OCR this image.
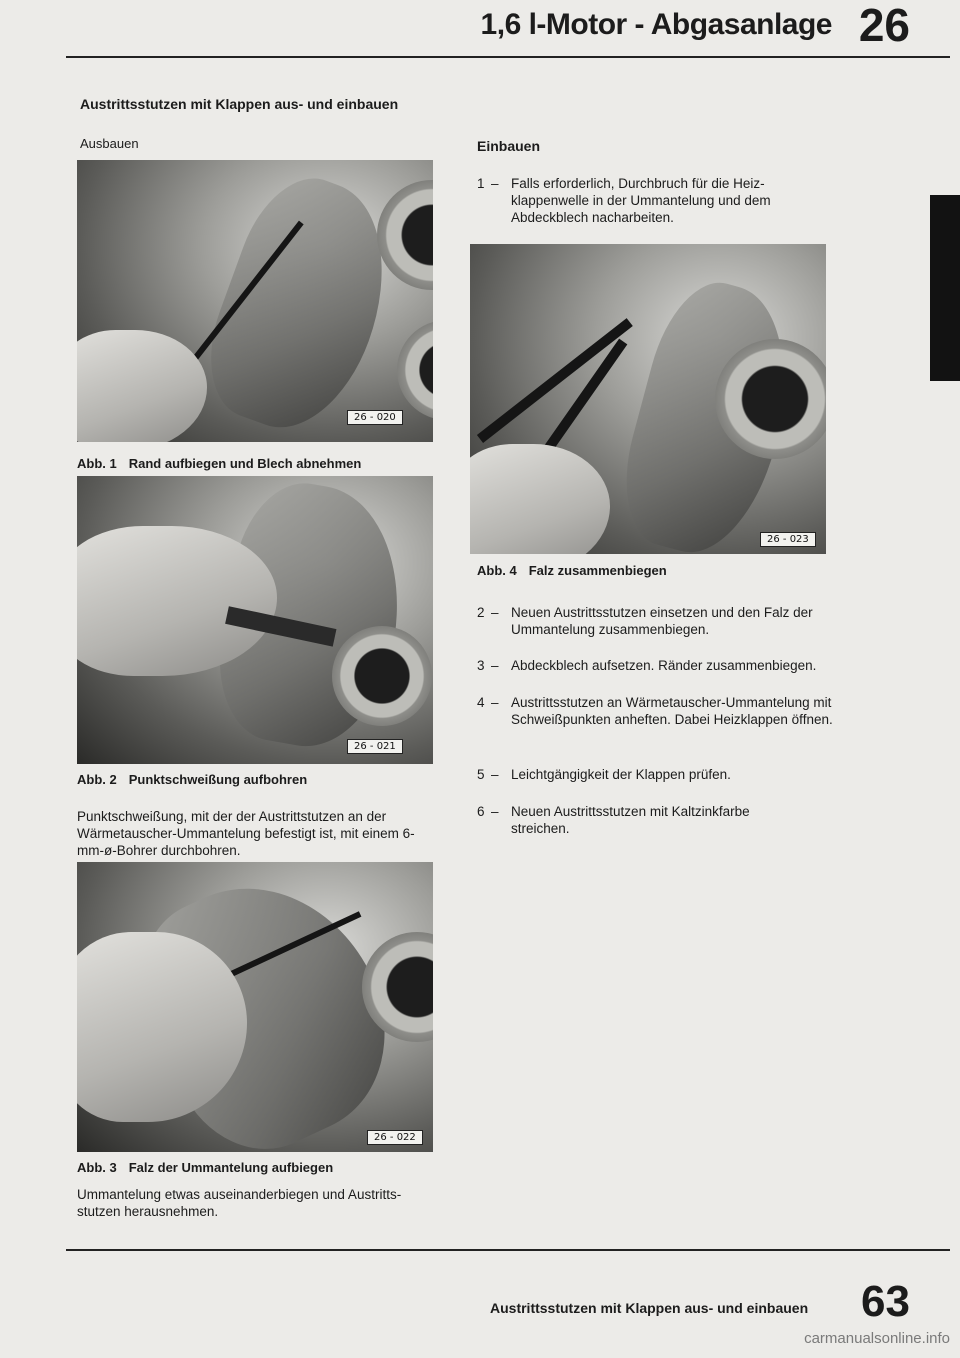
1,6 l-Motor - Abgasanlage 26
Austrittsstutzen mit Klappen aus- und einbauen
Ausbauen	Einbauen
26 - 020
Abb. 1 Rand aufbiegen und Blech abnehmen
26 - 021
Abb. 2 Punktschweißung aufbohren
Punktschweißung, mit der der Austrittstutzen an der Wärmetauscher-Ummantelung befestigt ist, mit einem 6-mm-ø-Bohrer durchbohren.
26 - 022
Abb. 3 Falz der Ummantelung aufbiegen
Ummantelung etwas auseinanderbiegen und Austritts-stutzen herausnehmen.
1 – Falls erforderlich, Durchbruch für die Heiz-klappenwelle in der Ummantelung und dem Abdeckblech nacharbeiten.
26 - 023
Abb. 4 Falz zusammenbiegen
2 – Neuen Austrittsstutzen einsetzen und den Falz der Ummantelung zusammenbiegen.
3 – Abdeckblech aufsetzen. Ränder zusammenbiegen.
4 – Austrittsstutzen an Wärmetauscher-Ummantelung mit Schweißpunkten anheften. Dabei Heizklappen öffnen.
5 – Leichtgängigkeit der Klappen prüfen.
6 – Neuen Austrittsstutzen mit Kaltzinkfarbe streichen.
Austrittsstutzen mit Klappen aus- und einbauen 63
carmanualsonline.info
